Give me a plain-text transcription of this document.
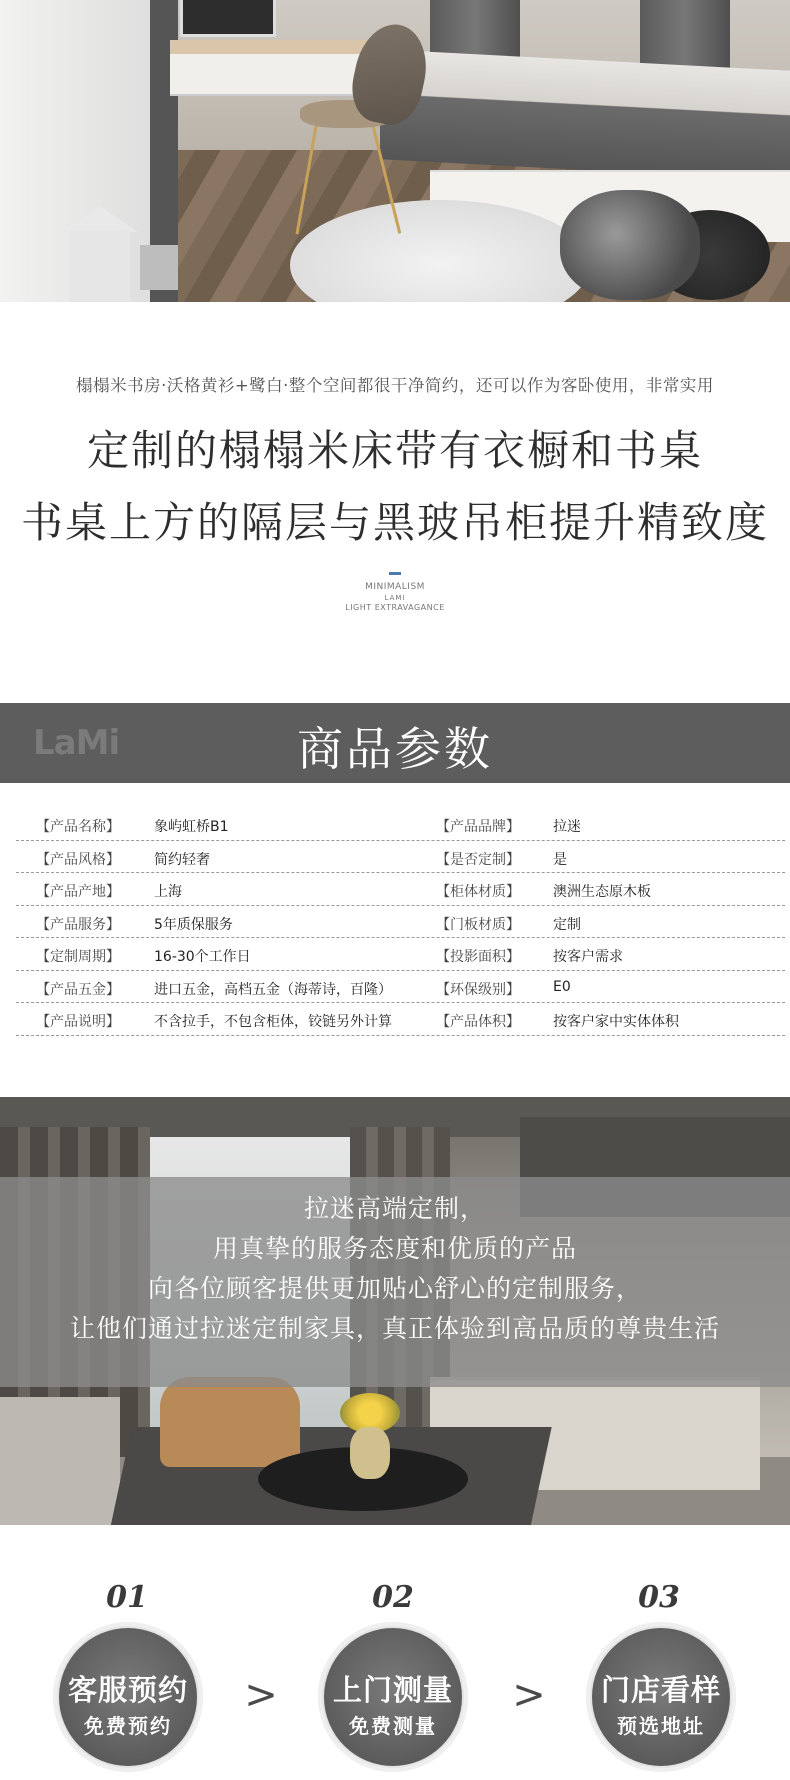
榻榻米书房·沃格黄衫+鹭白·整个空间都很干净简约，还可以作为客卧使用，非常实用
定制的榻榻米床带有衣橱和书桌
书桌上方的隔层与黑玻吊柜提升精致度
MINIMALISM
LAMI
LIGHT EXTRAVAGANCE
LaMi	商品参数
【产品名称】 象屿虹桥B1	【产品品牌】 拉迷
【产品风格】 简约轻奢	【是否定制】 是
【产品产地】 上海	【柜体材质】 澳洲生态原木板
【产品服务】 5年质保服务	【门板材质】 定制
【定制周期】 16-30个工作日	【投影面积】 按客户需求
【产品五金】 进口五金，高档五金（海蒂诗，百隆）	【环保级别】 E0
【产品说明】 不含拉手，不包含柜体，铰链另外计算	【产品体积】 按客户家中实体体积
拉迷高端定制，
用真挚的服务态度和优质的产品
向各位顾客提供更加贴心舒心的定制服务，
让他们通过拉迷定制家具，真正体验到高品质的尊贵生活
01	02	03
客服预约
免费预约
>	上门测量
免费测量
>	门店看样
预选地址
